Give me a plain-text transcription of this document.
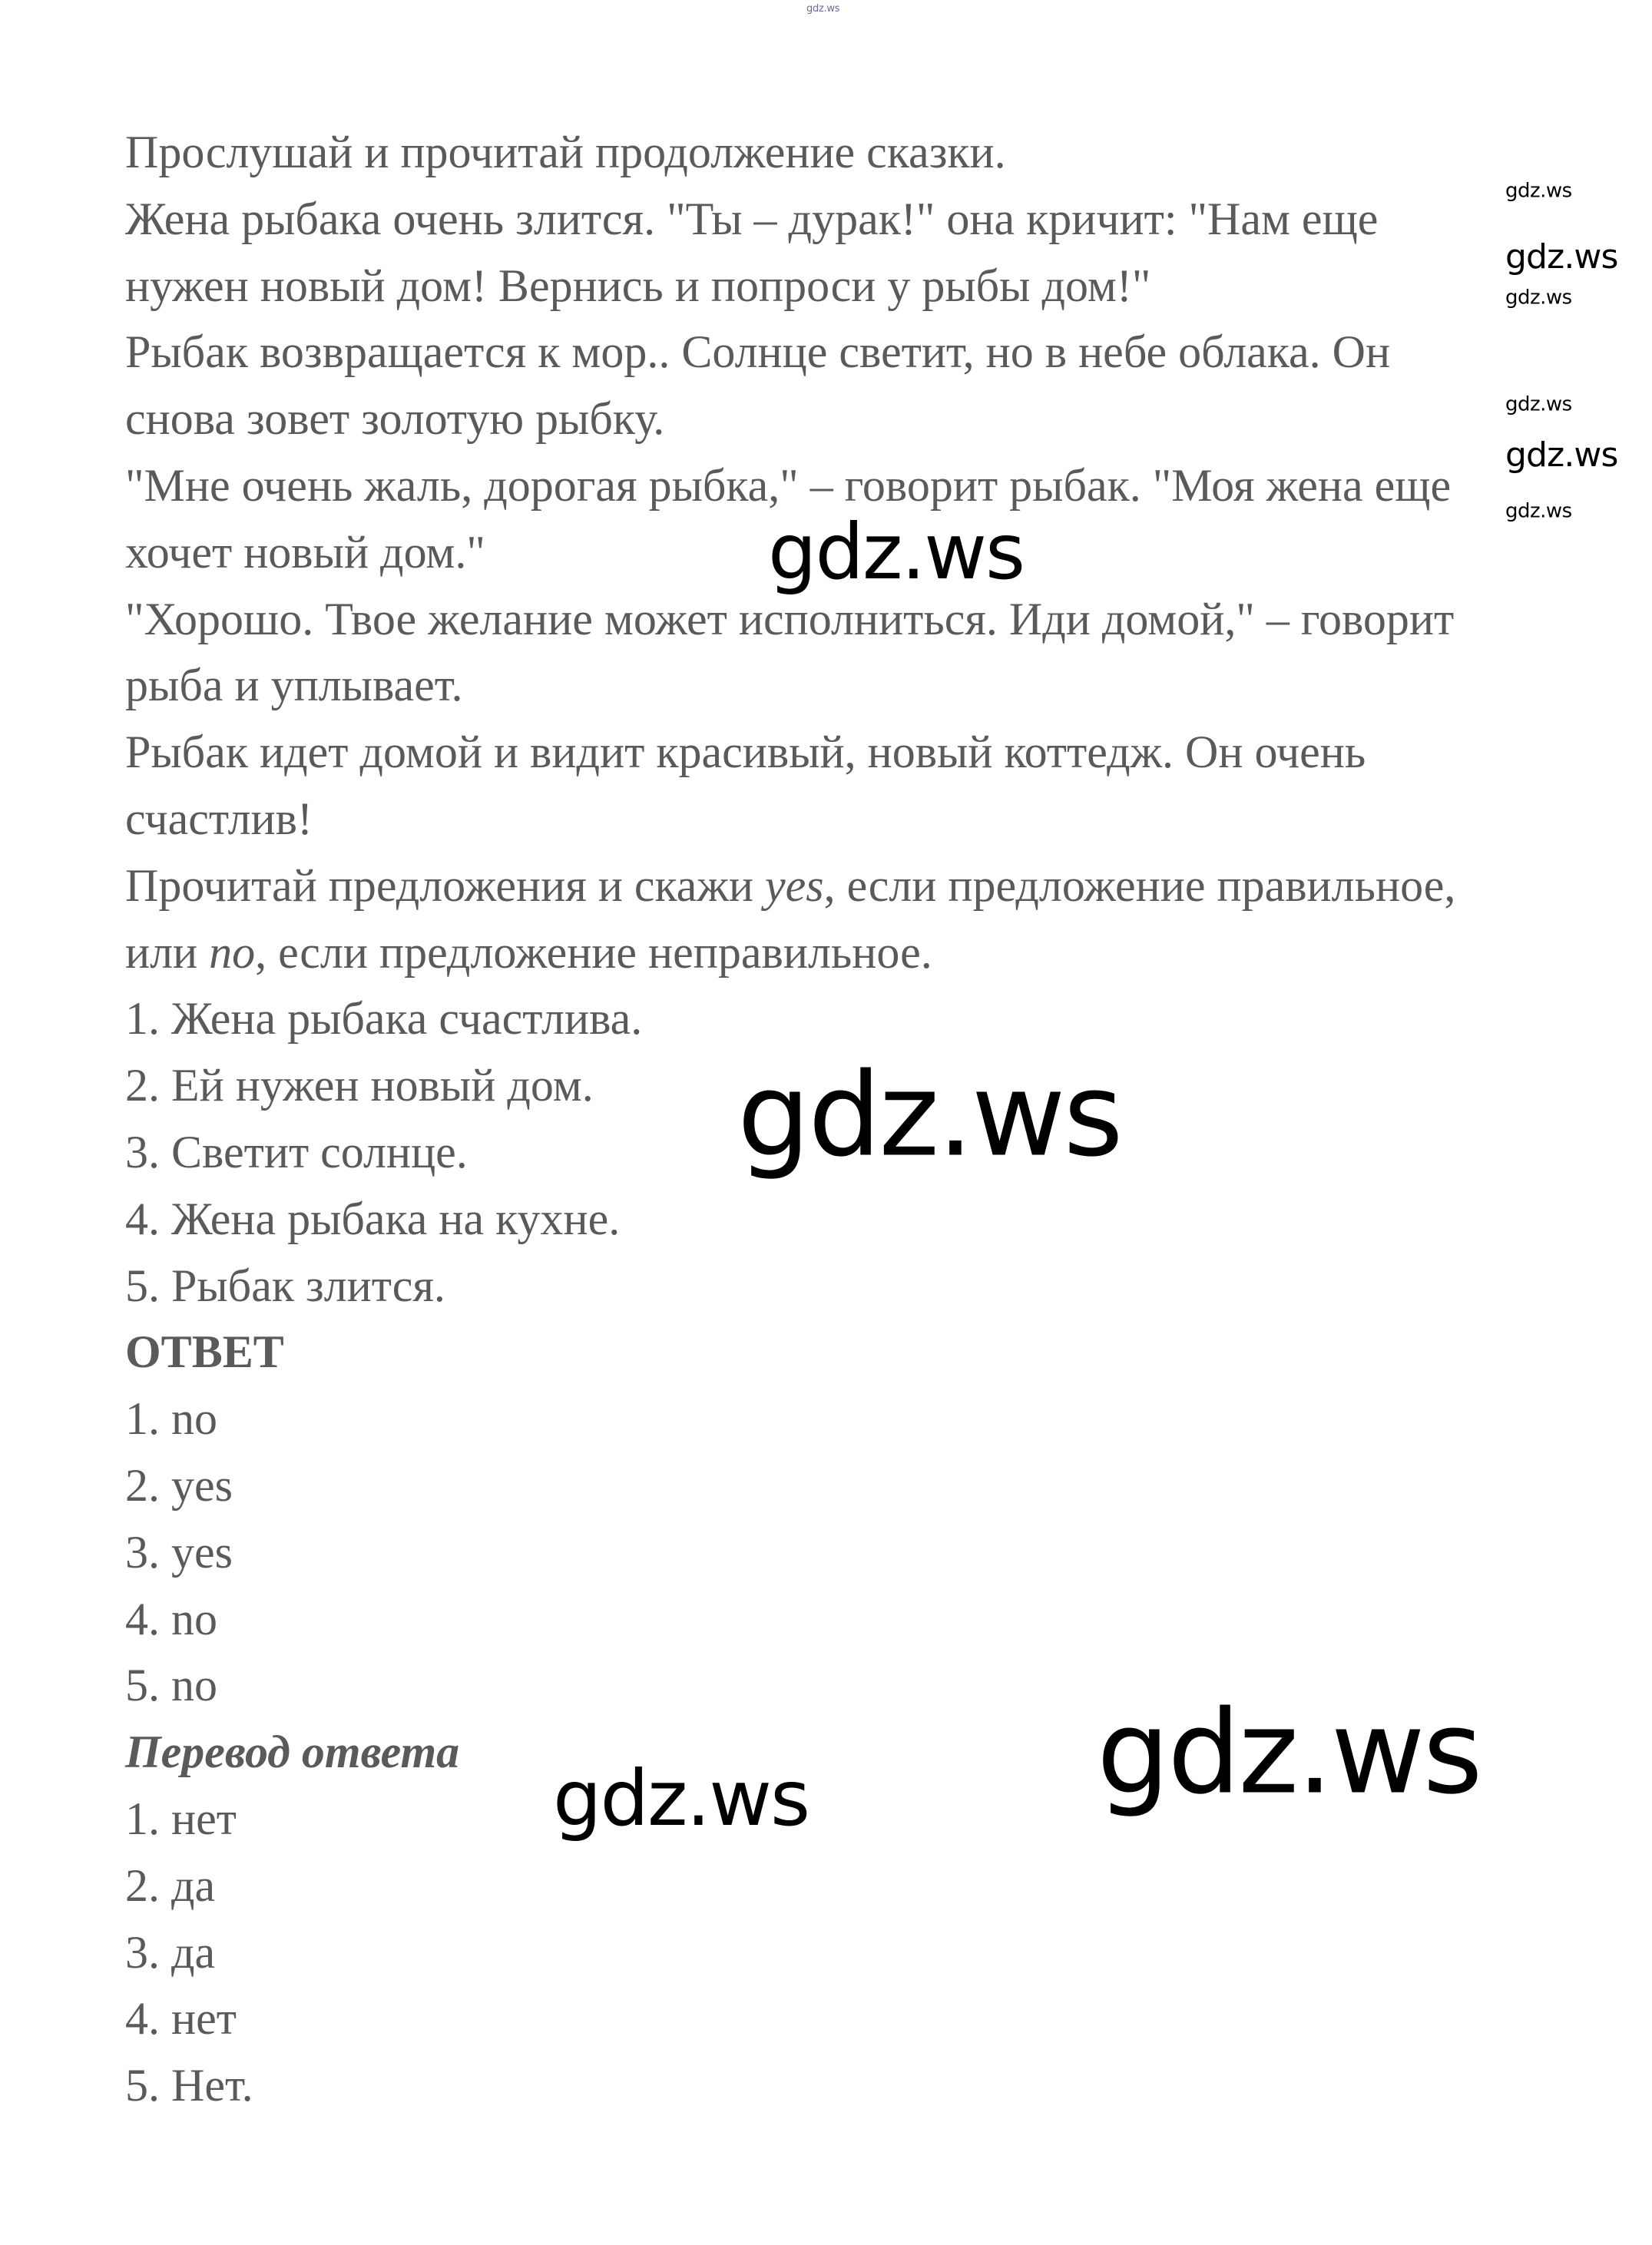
Прослушай и прочитай продолжение сказки.
Жена рыбака очень злится. "Ты – дурак!" она кричит: "Нам еще
нужен новый дом! Вернись и попроси у рыбы дом!"
Рыбак возвращается к мор.. Солнце светит, но в небе облака. Он
снова зовет золотую рыбку.
"Мне очень жаль, дорогая рыбка," – говорит рыбак. "Моя жена еще
хочет новый дом."
"Хорошо. Твое желание может исполниться. Иди домой," – говорит
рыба и уплывает.
Рыбак идет домой и видит красивый, новый коттедж. Он очень
счастлив!
Прочитай предложения и скажи yes, если предложение правильное,
или no, если предложение неправильное.
1. Жена рыбака счастлива.
2. Ей нужен новый дом.
3. Светит солнце.
4. Жена рыбака на кухне.
5. Рыбак злится.
ОТВЕТ
1. no
2. yes
3. yes
4. no
5. no
Перевод ответа
1. нет
2. да
3. да
4. нет
5. Нет.
gdz.ws
gdz.ws
gdz.ws
gdz.ws
gdz.ws
gdz.ws
gdz.ws
gdz.ws
gdz.ws
gdz.ws
gdz.ws
